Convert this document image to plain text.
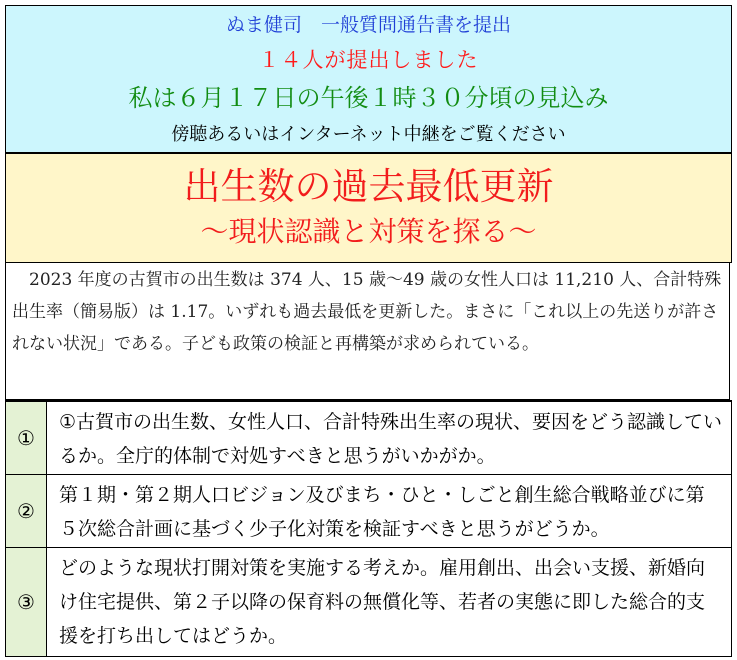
ぬま健司　一般質問通告書を提出
１４人が提出しました
私は６月１７日の午後１時３０分頃の見込み
傍聴あるいはインターネット中継をご覧ください
出生数の過去最低更新
～現状認識と対策を探る～

2023 年度の古賀市の出生数は 374 人、15 歳～49 歳の女性人口は 11,210 人、合計特殊出生率（簡易版）は 1.17。いずれも過去最低を更新した。まさに「これ以上の先送りが許されない状況」である。子ども政策の検証と再構築が求められている。

①
①古賀市の出生数、女性人口、合計特殊出生率の現状、要因をどう認識しているか。全庁的体制で対処すべきと思うがいかがか。
②
第１期・第２期人口ビジョン及びまち・ひと・しごと創生総合戦略並びに第５次総合計画に基づく少子化対策を検証すべきと思うがどうか。
③
どのような現状打開対策を実施する考えか。雇用創出、出会い支援、新婚向け住宅提供、第２子以降の保育料の無償化等、若者の実態に即した総合的支援を打ち出してはどうか。
